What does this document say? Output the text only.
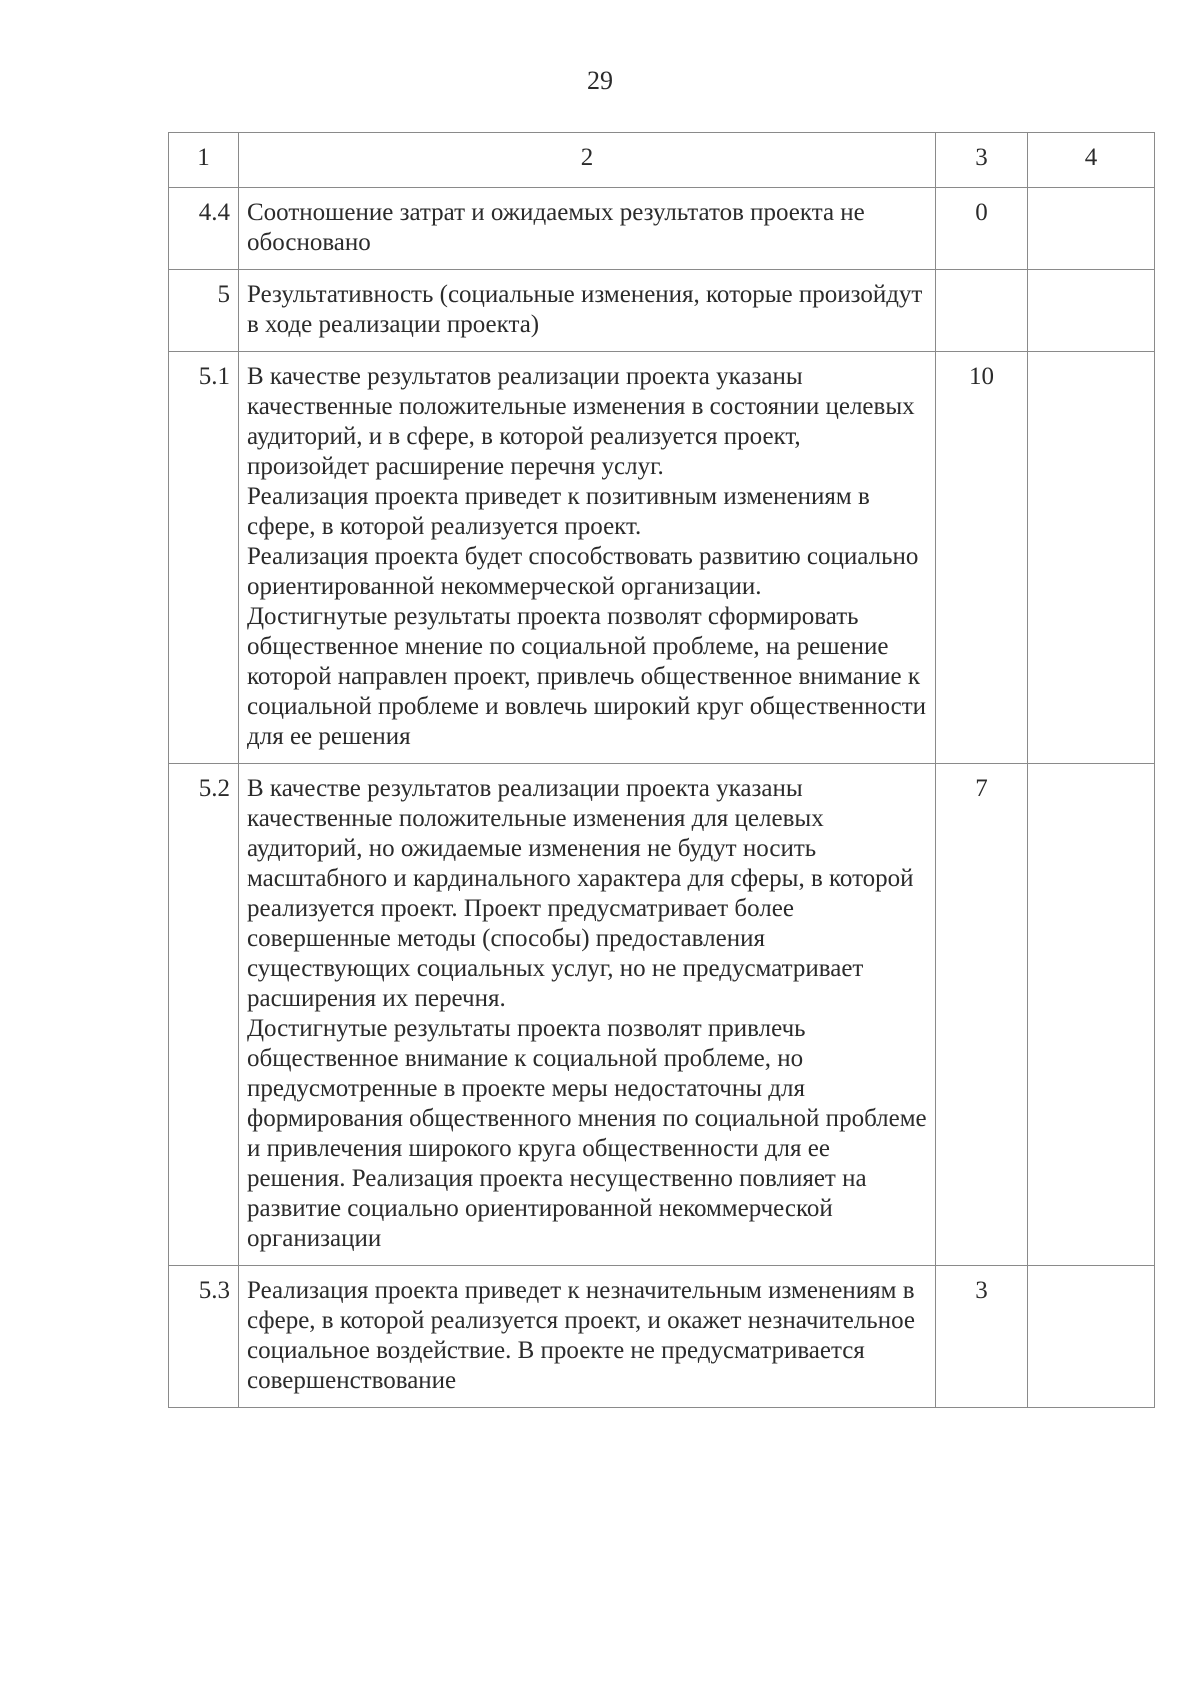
29
1	2	3	4
4.4	Соотношение затрат и ожидаемых результатов проекта не обосновано	0	
5	Результативность (социальные изменения, которые произойдут в ходе реализации проекта)		

5.1	В качестве результатов реализации проекта указаны качественные положительные изменения в состоянии целевых аудиторий, и в сфере, в которой реализуется проект, произойдет расширение перечня услуг.
Реализация проекта приведет к позитивным изменениям в сфере, в которой реализуется проект.
Реализация проекта будет способствовать развитию социально ориентированной некоммерческой организации.
Достигнутые результаты проекта позволят сформировать общественное мнение по социальной проблеме, на решение которой направлен проект, привлечь общественное внимание к социальной проблеме и вовлечь широкий круг общественности для ее решения	10	
5.2	В качестве результатов реализации проекта указаны качественные положительные изменения для целевых аудиторий, но ожидаемые изменения не будут носить масштабного и кардинального характера для сферы, в которой реализуется проект. Проект предусматривает более совершенные методы (способы) предоставления существующих социальных услуг, но не предусматривает расширения их перечня.
Достигнутые результаты проекта позволят привлечь общественное внимание к социальной проблеме, но предусмотренные в проекте меры недостаточны для формирования общественного мнения по социальной проблеме и привлечения широкого круга общественности для ее решения. Реализация проекта несущественно повлияет на развитие социально ориентированной некоммерческой организации	7	
5.3	Реализация проекта приведет к незначительным изменениям в сфере, в которой реализуется проект, и окажет незначительное социальное воздействие. В проекте не предусматривается совершенствование	3	
